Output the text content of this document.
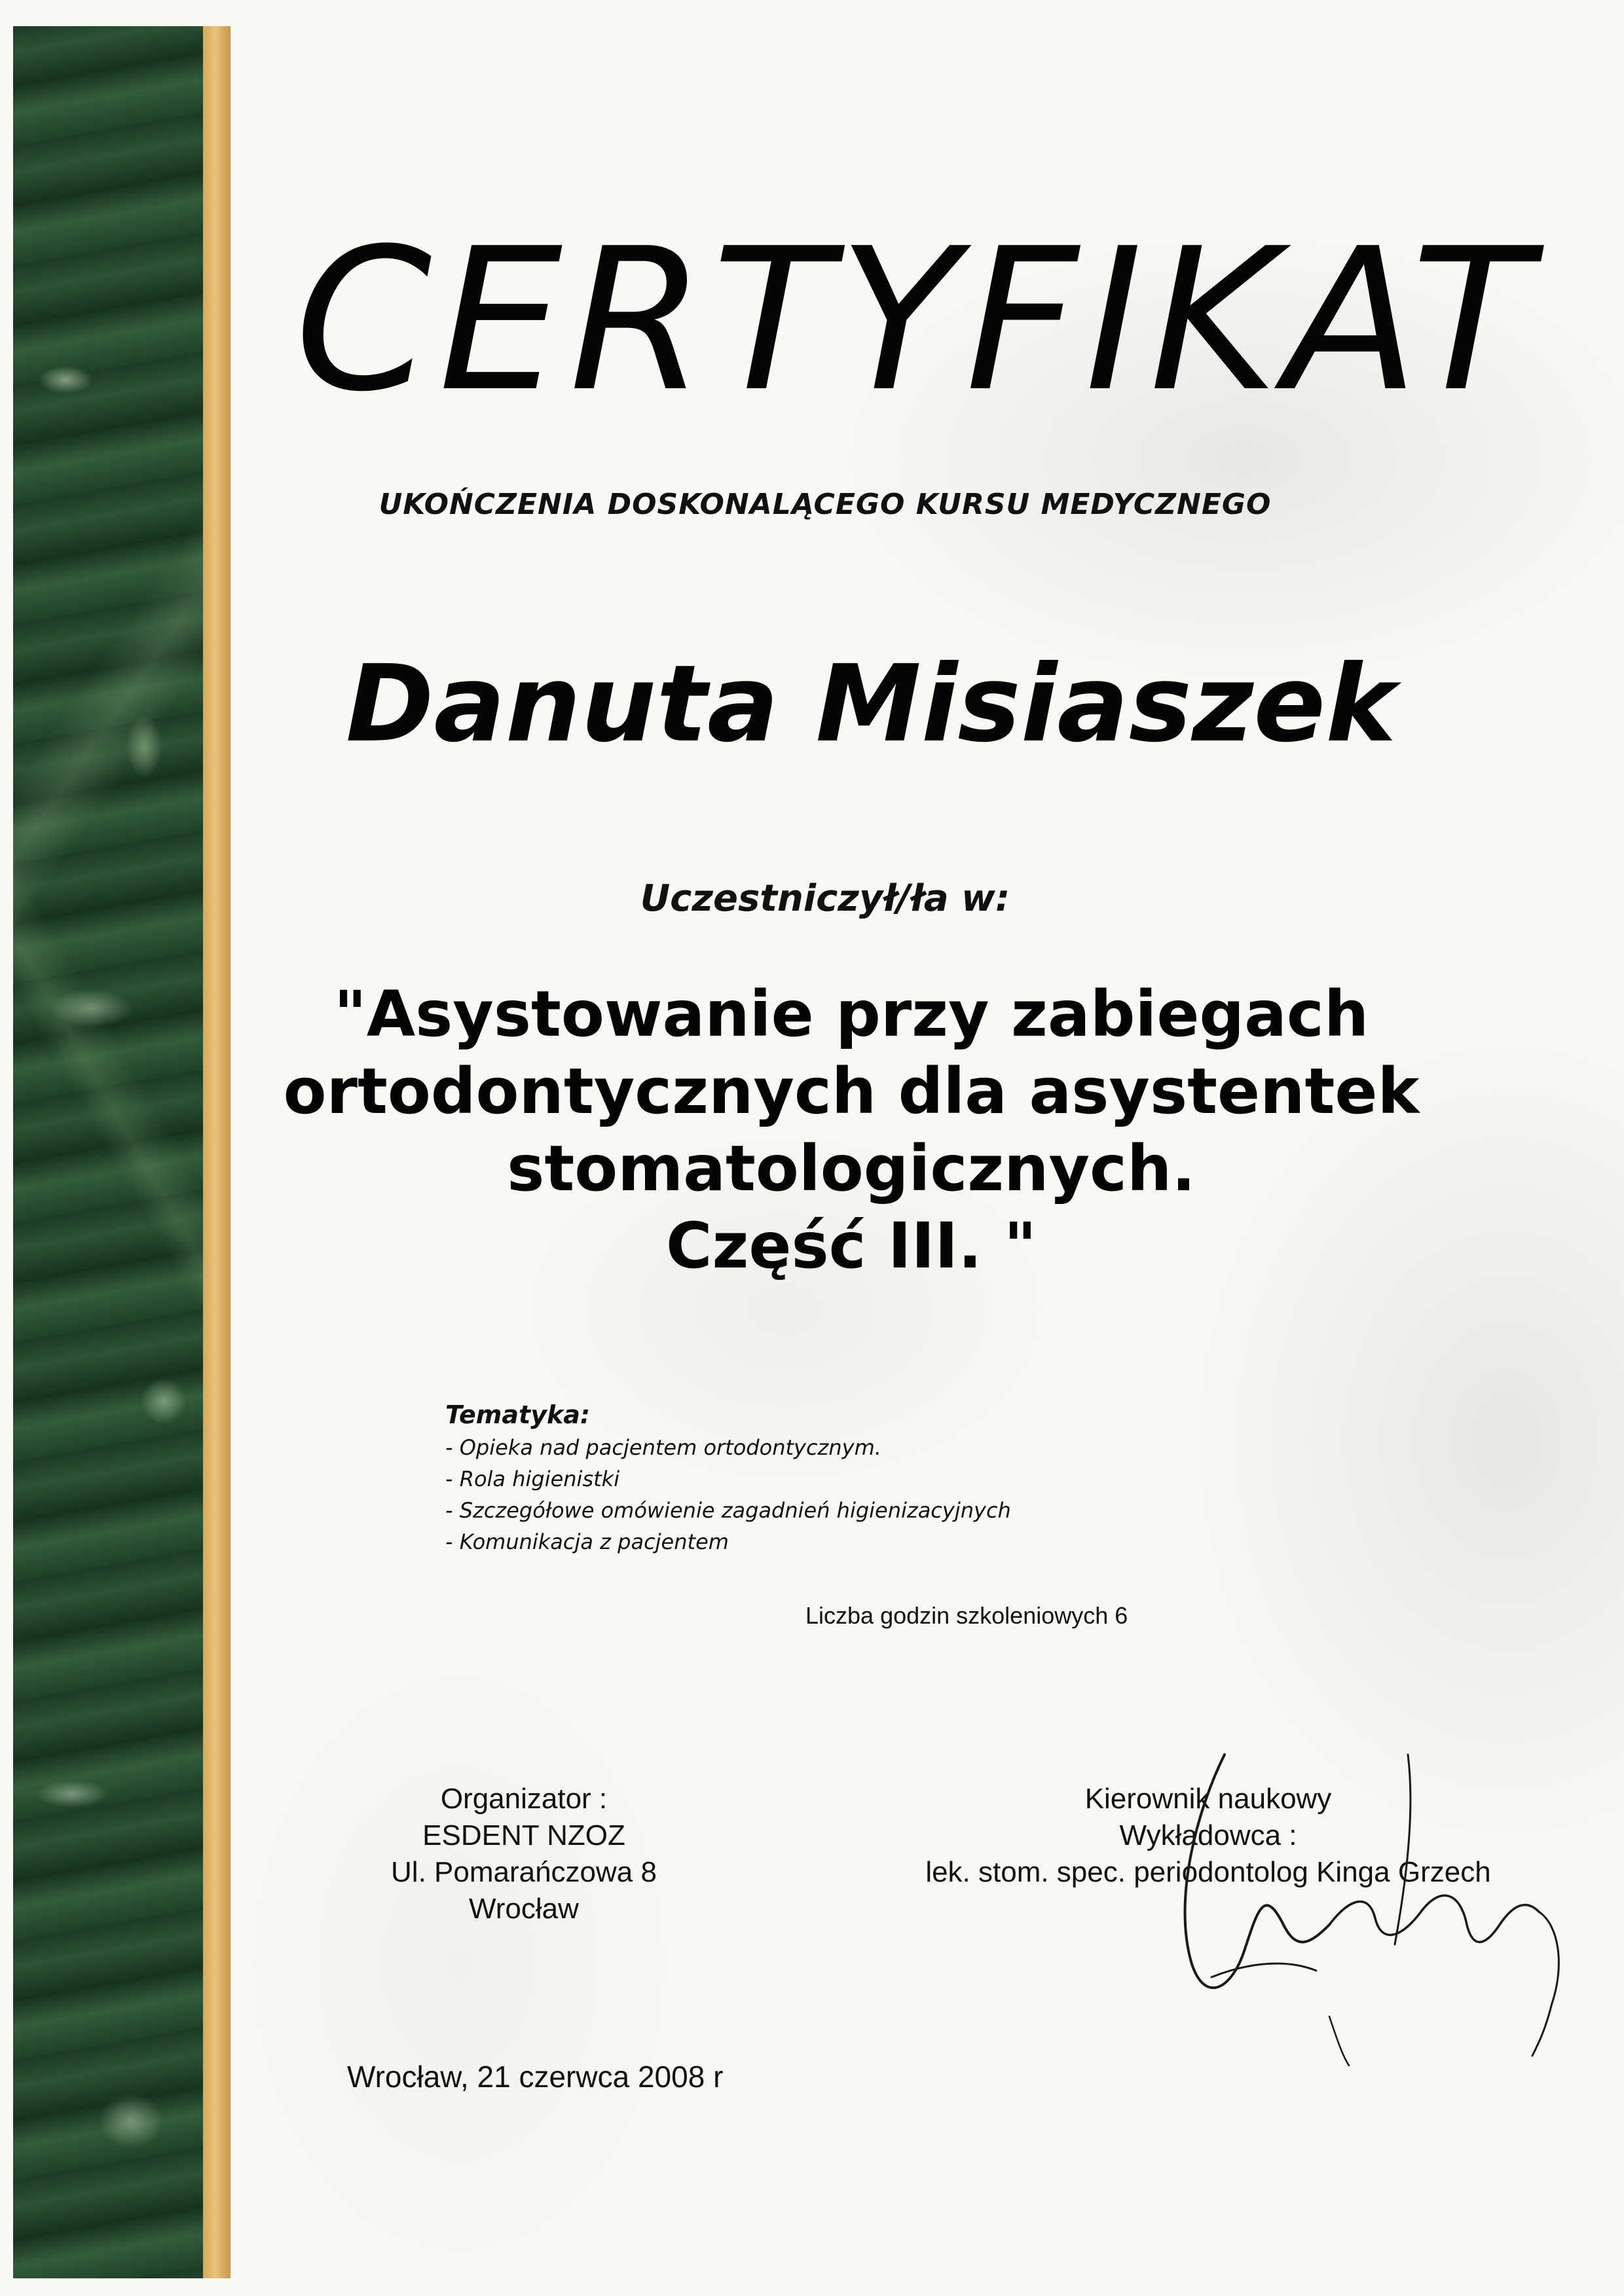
CERTYFIKAT
UKOŃCZENIA DOSKONALĄCEGO KURSU MEDYCZNEGO
Danuta Misiaszek
Uczestniczył/ła w:
"Asystowanie przy zabiegach
ortodontycznych dla asystentek
stomatologicznych.
Część III. "
Tematyka:
- Opieka nad pacjentem ortodontycznym.
- Rola higienistki
- Szczegółowe omówienie zagadnień higienizacyjnych
- Komunikacja z pacjentem
Liczba godzin szkoleniowych 6
Organizator :
ESDENT NZOZ
Ul. Pomarańczowa 8
Wrocław
Kierownik naukowy
Wykładowca :
lek. stom. spec. periodontolog Kinga Grzech
Wrocław, 21 czerwca 2008 r
